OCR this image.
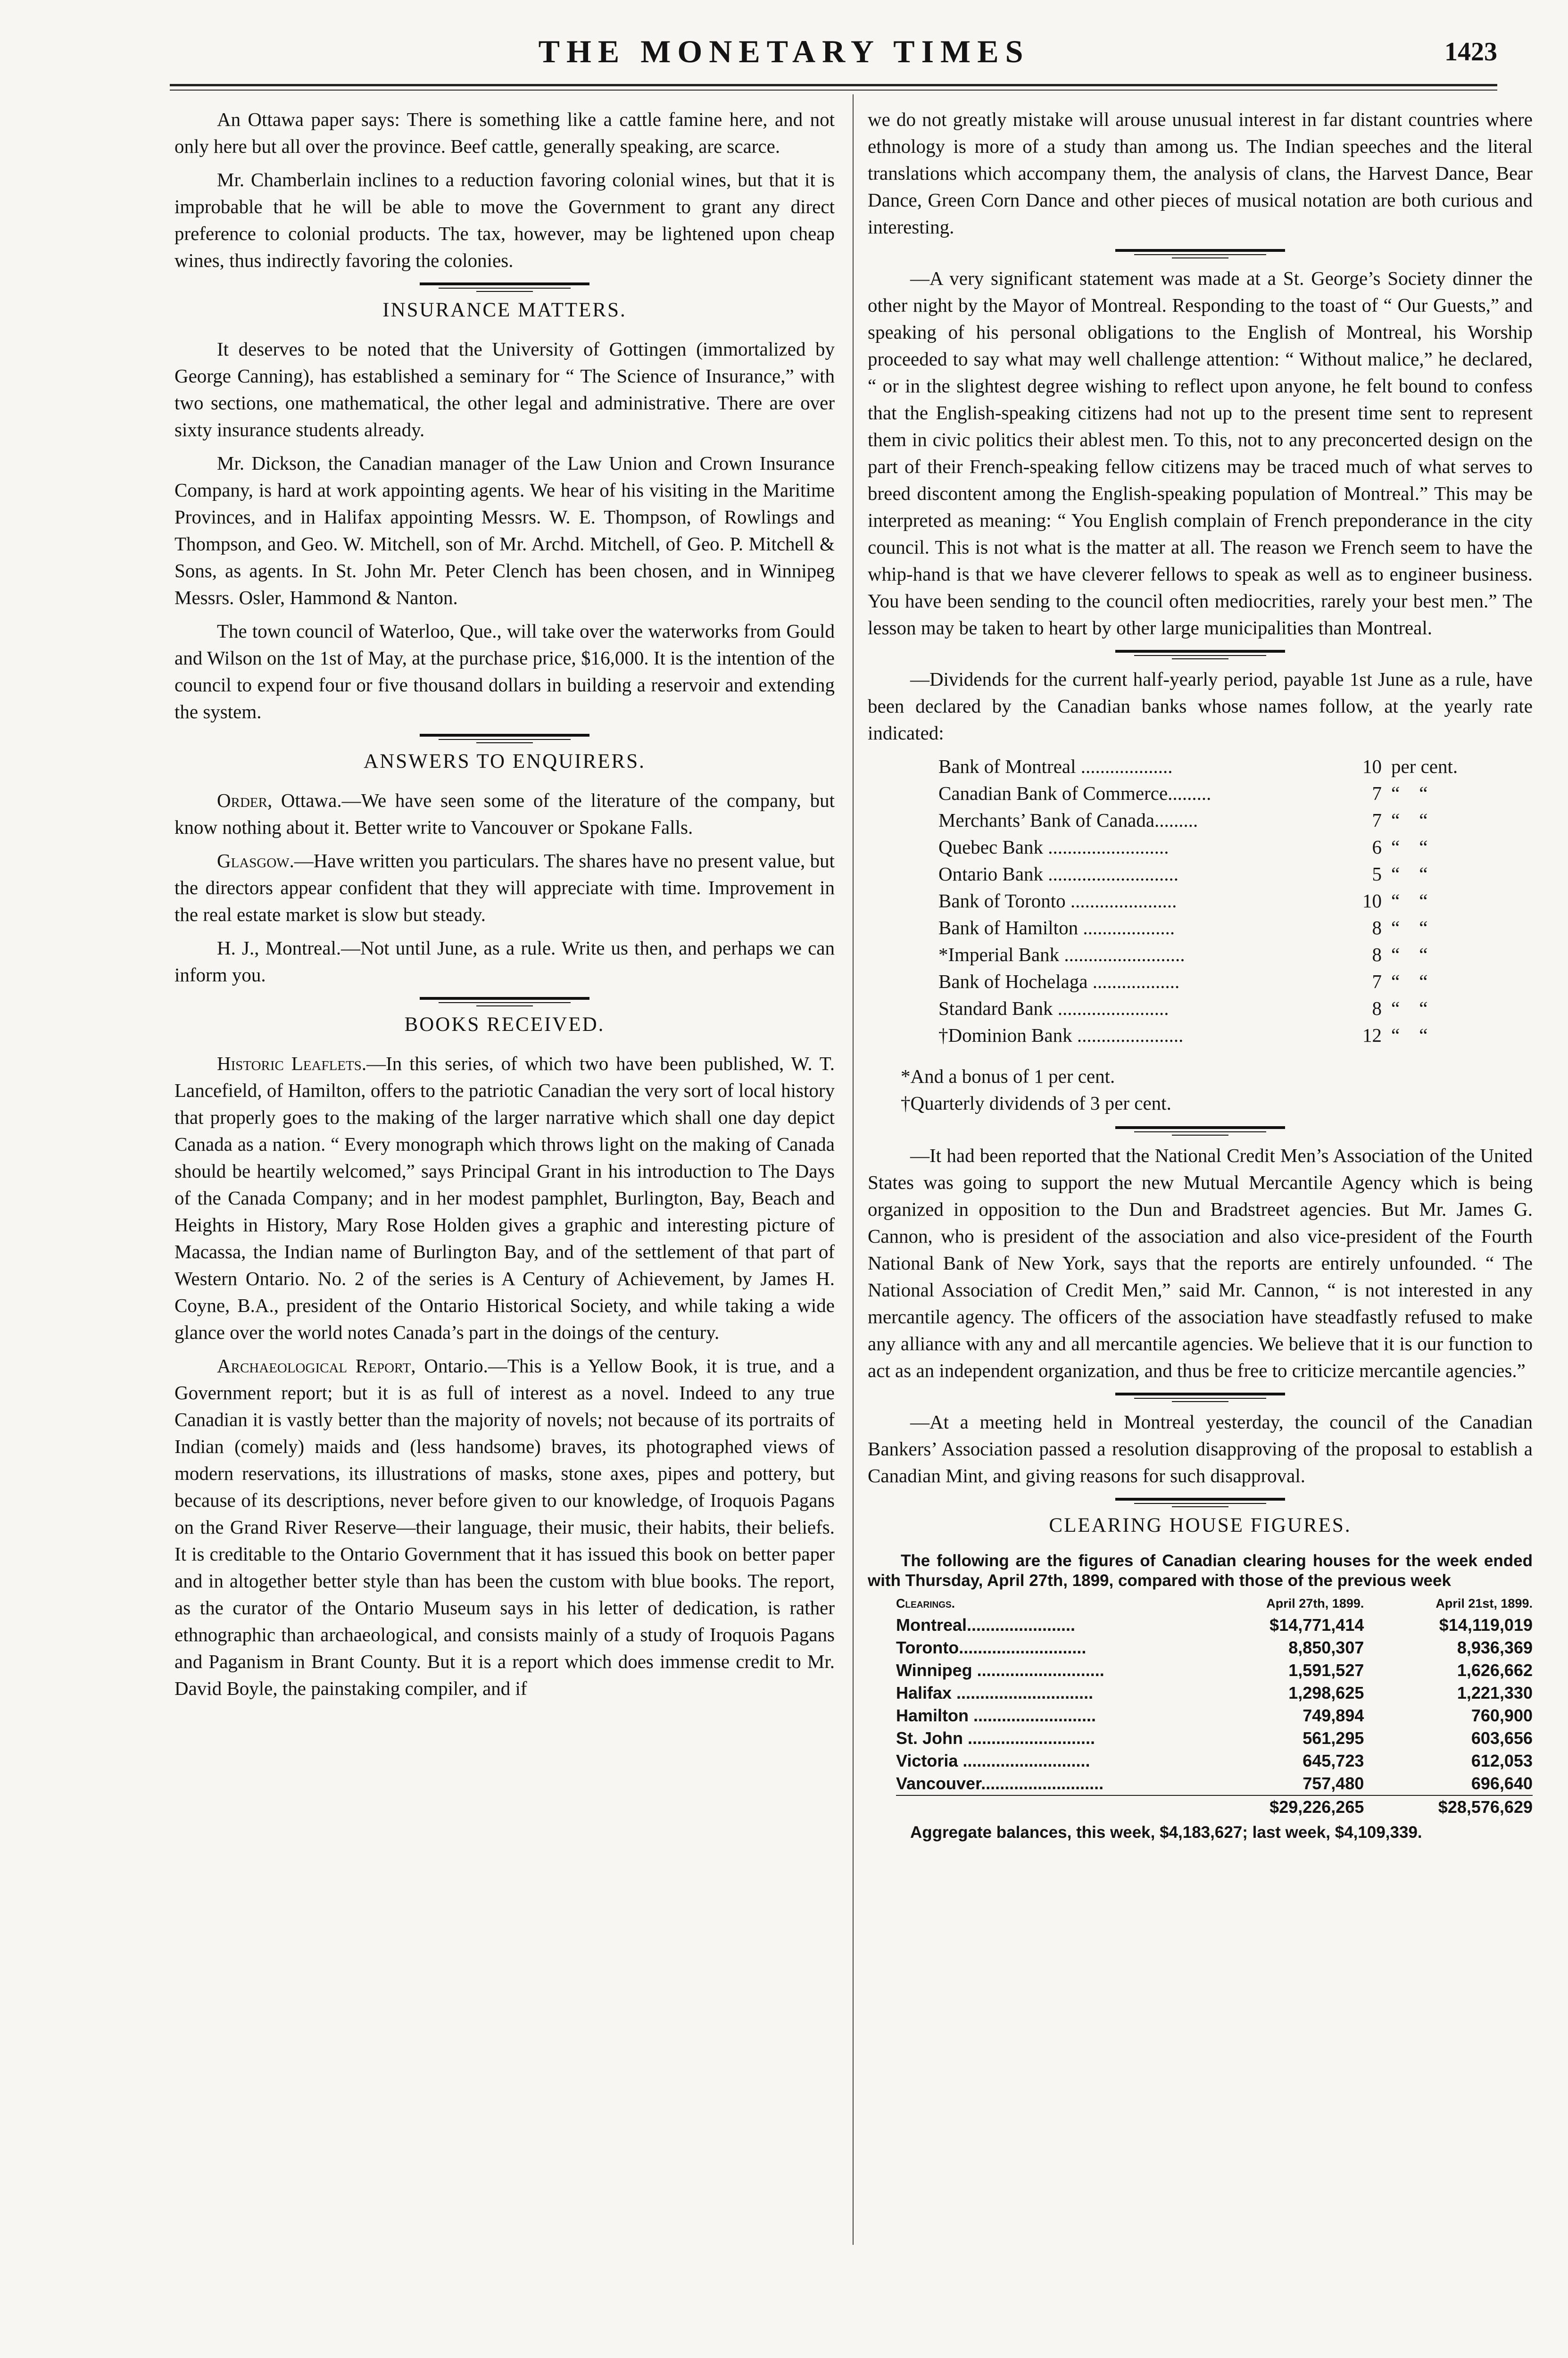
THE MONETARY TIMES	1423

An Ottawa paper says: There is something like a cattle famine here, and not only here but all over the province. Beef cattle, generally speaking, are scarce.

Mr. Chamberlain inclines to a reduction favoring colonial wines, but that it is improbable that he will be able to move the Government to grant any direct preference to colonial products. The tax, however, may be lightened upon cheap wines, thus indirectly favoring the colonies.

INSURANCE MATTERS.

It deserves to be noted that the University of Gottingen (immortalized by George Canning), has established a seminary for “ The Science of Insurance,” with two sections, one mathematical, the other legal and administrative. There are over sixty insurance students already.

Mr. Dickson, the Canadian manager of the Law Union and Crown Insurance Company, is hard at work appointing agents. We hear of his visiting in the Maritime Provinces, and in Halifax appointing Messrs. W. E. Thompson, of Rowlings and Thompson, and Geo. W. Mitchell, son of Mr. Archd. Mitchell, of Geo. P. Mitchell & Sons, as agents. In St. John Mr. Peter Clench has been chosen, and in Winnipeg Messrs. Osler, Hammond & Nanton.

The town council of Waterloo, Que., will take over the waterworks from Gould and Wilson on the 1st of May, at the purchase price, $16,000. It is the intention of the council to expend four or five thousand dollars in building a reservoir and extending the system.

ANSWERS TO ENQUIRERS.

Order, Ottawa.—We have seen some of the literature of the company, but know nothing about it. Better write to Vancouver or Spokane Falls.

Glasgow.—Have written you particulars. The shares have no present value, but the directors appear confident that they will appreciate with time. Improvement in the real estate market is slow but steady.

H. J., Montreal.—Not until June, as a rule. Write us then, and perhaps we can inform you.

BOOKS RECEIVED.

Historic Leaflets.—In this series, of which two have been published, W. T. Lancefield, of Hamilton, offers to the patriotic Canadian the very sort of local history that properly goes to the making of the larger narrative which shall one day depict Canada as a nation. “ Every monograph which throws light on the making of Canada should be heartily welcomed,” says Principal Grant in his introduction to The Days of the Canada Company; and in her modest pamphlet, Burlington, Bay, Beach and Heights in History, Mary Rose Holden gives a graphic and interesting picture of Macassa, the Indian name of Burlington Bay, and of the settlement of that part of Western Ontario. No. 2 of the series is A Century of Achievement, by James H. Coyne, B.A., president of the Ontario Historical Society, and while taking a wide glance over the world notes Canada’s part in the doings of the century.

Archaeological Report, Ontario.—This is a Yellow Book, it is true, and a Government report; but it is as full of interest as a novel. Indeed to any true Canadian it is vastly better than the majority of novels; not because of its portraits of Indian (comely) maids and (less handsome) braves, its photographed views of modern reservations, its illustrations of masks, stone axes, pipes and pottery, but because of its descriptions, never before given to our knowledge, of Iroquois Pagans on the Grand River Reserve—their language, their music, their habits, their beliefs. It is creditable to the Ontario Government that it has issued this book on better paper and in altogether better style than has been the custom with blue books. The report, as the curator of the Ontario Museum says in his letter of dedication, is rather ethnographic than archaeological, and consists mainly of a study of Iroquois Pagans and Paganism in Brant County. But it is a report which does immense credit to Mr. David Boyle, the painstaking compiler, and if

we do not greatly mistake will arouse unusual interest in far distant countries where ethnology is more of a study than among us. The Indian speeches and the literal translations which accompany them, the analysis of clans, the Harvest Dance, Bear Dance, Green Corn Dance and other pieces of musical notation are both curious and interesting.

—A very significant statement was made at a St. George’s Society dinner the other night by the Mayor of Montreal. Responding to the toast of “ Our Guests,” and speaking of his personal obligations to the English of Montreal, his Worship proceeded to say what may well challenge attention: “ Without malice,” he declared, “ or in the slightest degree wishing to reflect upon anyone, he felt bound to confess that the English-speaking citizens had not up to the present time sent to represent them in civic politics their ablest men. To this, not to any preconcerted design on the part of their French-speaking fellow citizens may be traced much of what serves to breed discontent among the English-speaking population of Montreal.” This may be interpreted as meaning: “ You English complain of French preponderance in the city council. This is not what is the matter at all. The reason we French seem to have the whip-hand is that we have cleverer fellows to speak as well as to engineer business. You have been sending to the council often mediocrities, rarely your best men.” The lesson may be taken to heart by other large municipalities than Montreal.

—Dividends for the current half-yearly period, payable 1st June as a rule, have been declared by the Canadian banks whose names follow, at the yearly rate indicated:

Bank of Montreal ...................	10 per cent.
Canadian Bank of Commerce.........	7 “    “
Merchants’ Bank of Canada.........	7 “    “
Quebec Bank .........................	6 “    “
Ontario Bank ...........................	5 “    “
Bank of Toronto ......................	10 “    “
Bank of Hamilton ...................	8 “    “
*Imperial Bank .........................	8 “    “
Bank of Hochelaga ..................	7 “    “
Standard Bank .......................	8 “    “
†Dominion Bank ......................	12 “    “
*And a bonus of 1 per cent.
†Quarterly dividends of 3 per cent.

—It had been reported that the National Credit Men’s Association of the United States was going to support the new Mutual Mercantile Agency which is being organized in opposition to the Dun and Bradstreet agencies. But Mr. James G. Cannon, who is president of the association and also vice-president of the Fourth National Bank of New York, says that the reports are entirely unfounded. “ The National Association of Credit Men,” said Mr. Cannon, “ is not interested in any mercantile agency. The officers of the association have steadfastly refused to make any alliance with any and all mercantile agencies. We believe that it is our function to act as an independent organization, and thus be free to criticize mercantile agencies.”

—At a meeting held in Montreal yesterday, the council of the Canadian Bankers’ Association passed a resolution disapproving of the proposal to establish a Canadian Mint, and giving reasons for such disapproval.

CLEARING HOUSE FIGURES.
The following are the figures of Canadian clearing houses for the week ended with Thursday, April 27th, 1899, compared with those of the previous week
Clearings.	April 27th, 1899.	April 21st, 1899.
Montreal.......................	$14,771,414	$14,119,019
Toronto...........................	8,850,307	8,936,369
Winnipeg ...........................	1,591,527	1,626,662
Halifax .............................	1,298,625	1,221,330
Hamilton ..........................	749,894	760,900
St. John ...........................	561,295	603,656
Victoria ...........................	645,723	612,053
Vancouver..........................	757,480	696,640
	$29,226,265	$28,576,629
Aggregate balances, this week, $4,183,627; last week, $4,109,339.
